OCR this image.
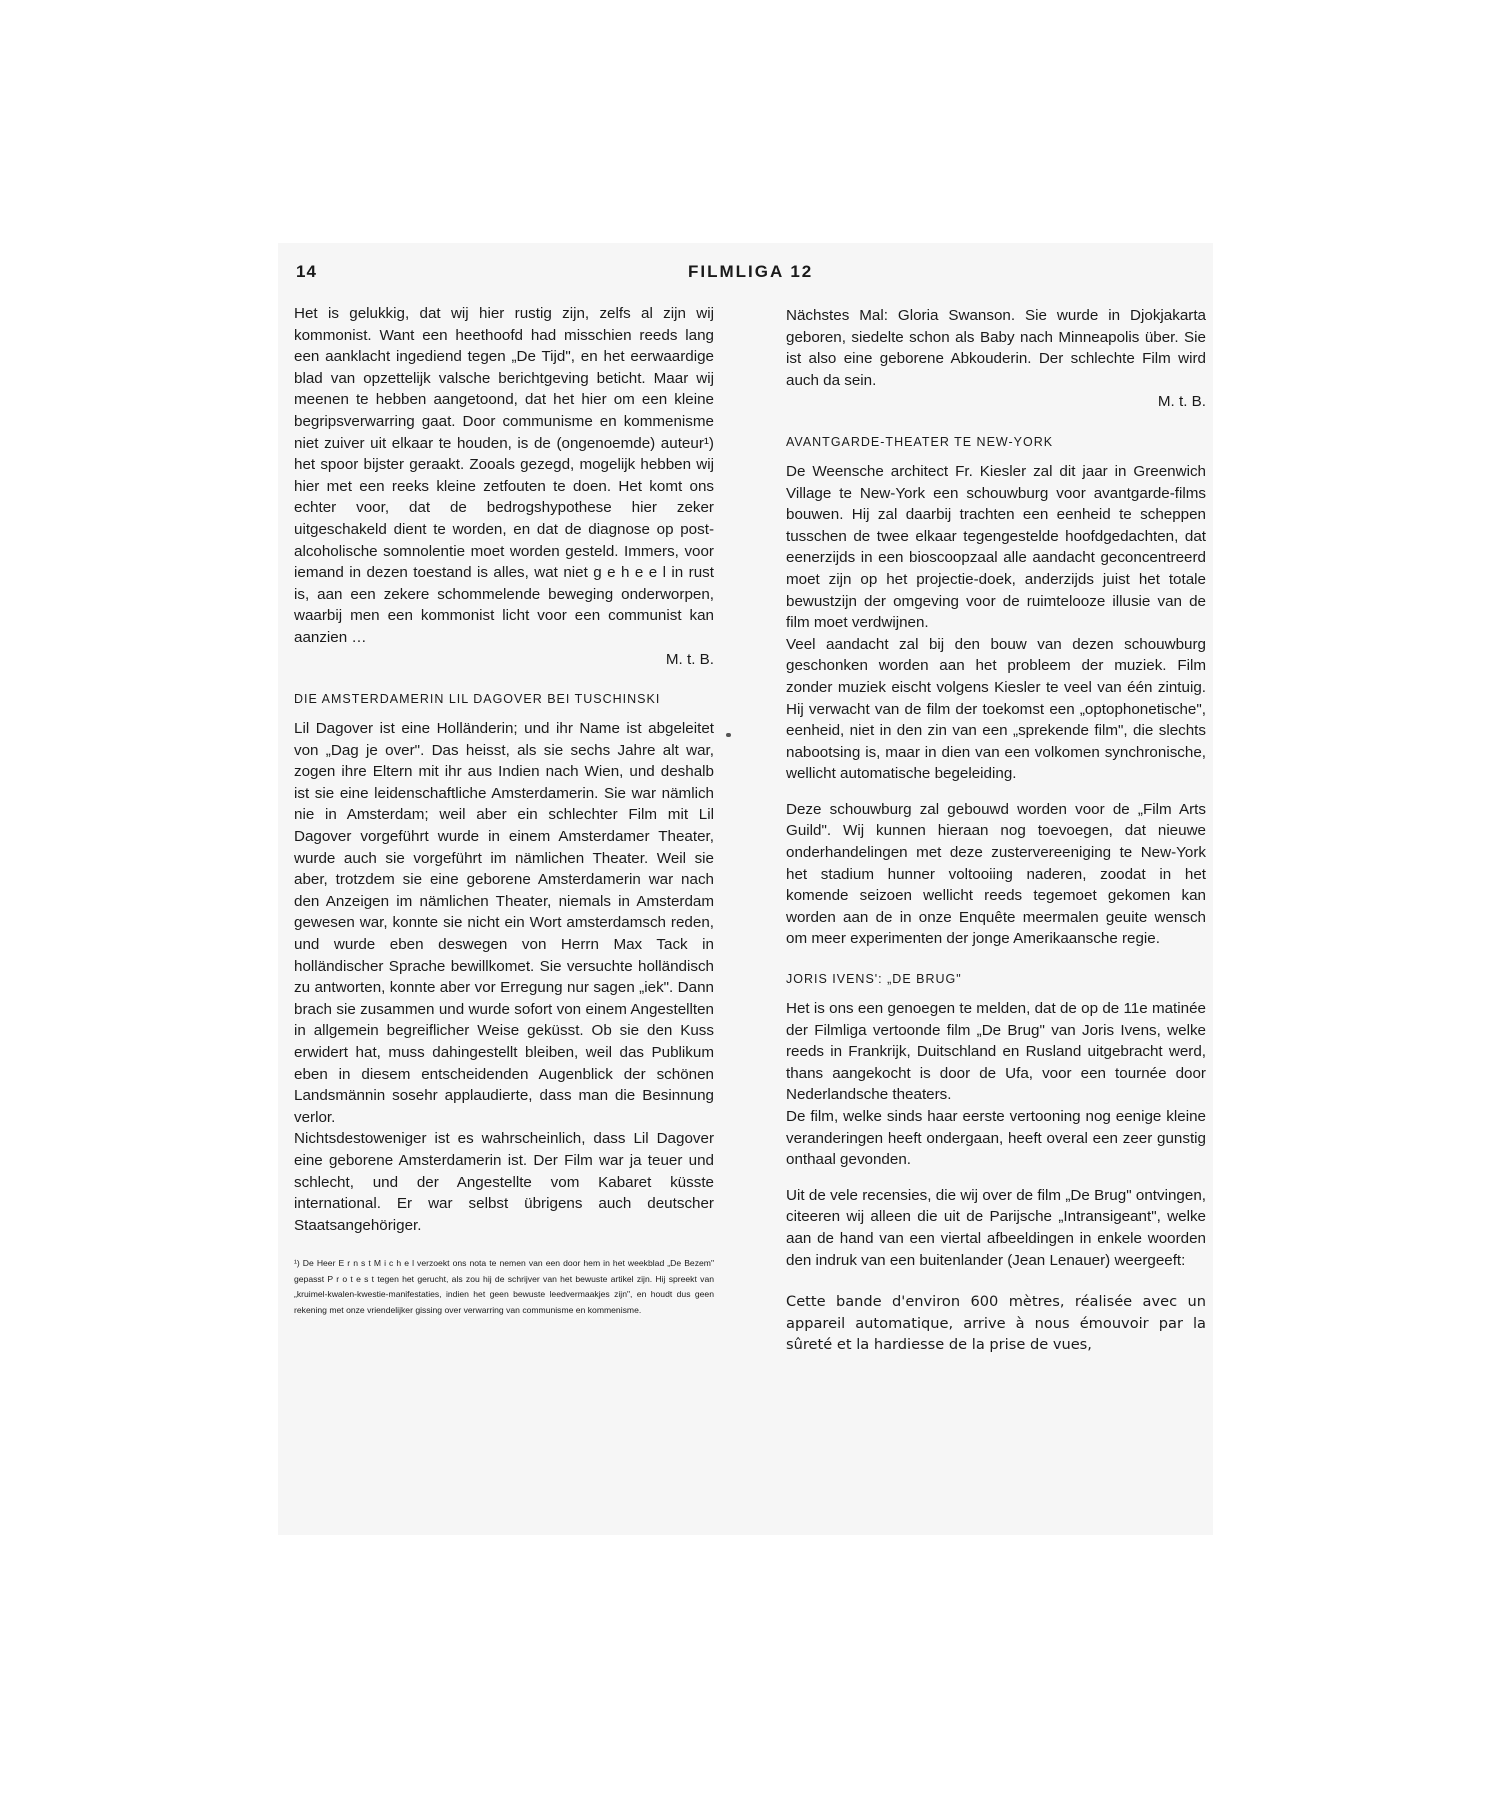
14	FILMLIGA 12

Het is gelukkig, dat wij hier rustig zijn, zelfs al zijn wij kommonist. Want een heethoofd had misschien reeds lang een aanklacht ingediend tegen „De Tijd", en het eerwaardige blad van opzettelijk valsche berichtgeving beticht. Maar wij meenen te hebben aangetoond, dat het hier om een kleine begripsverwarring gaat. Door communisme en kommenisme niet zuiver uit elkaar te houden, is de (ongenoemde) auteur¹) het spoor bijster geraakt. Zooals gezegd, mogelijk hebben wij hier met een reeks kleine zetfouten te doen. Het komt ons echter voor, dat de bedrogshypothese hier zeker uitgeschakeld dient te worden, en dat de diagnose op post-alcoholische somnolentie moet worden gesteld. Immers, voor iemand in dezen toestand is alles, wat niet g e h e e l in rust is, aan een zekere schommelende beweging onderworpen, waarbij men een kommonist licht voor een communist kan aanzien …

M. t. B.
DIE AMSTERDAMERIN LIL DAGOVER BEI TUSCHINSKI

Lil Dagover ist eine Holländerin; und ihr Name ist abgeleitet von „Dag je over". Das heisst, als sie sechs Jahre alt war, zogen ihre Eltern mit ihr aus Indien nach Wien, und deshalb ist sie eine leidenschaftliche Amsterdamerin. Sie war nämlich nie in Amsterdam; weil aber ein schlechter Film mit Lil Dagover vorgeführt wurde in einem Amsterdamer Theater, wurde auch sie vorgeführt im nämlichen Theater. Weil sie aber, trotzdem sie eine geborene Amsterdamerin war nach den Anzeigen im nämlichen Theater, niemals in Amsterdam gewesen war, konnte sie nicht ein Wort amsterdamsch reden, und wurde eben deswegen von Herrn Max Tack in holländischer Sprache bewillkomet. Sie versuchte holländisch zu antworten, konnte aber vor Erregung nur sagen „iek". Dann brach sie zusammen und wurde sofort von einem Angestellten in allgemein begreiflicher Weise geküsst. Ob sie den Kuss erwidert hat, muss dahingestellt bleiben, weil das Publikum eben in diesem entscheidenden Augenblick der schönen Landsmännin sosehr applaudierte, dass man die Besinnung verlor.

Nichtsdestoweniger ist es wahrscheinlich, dass Lil Dagover eine geborene Amsterdamerin ist. Der Film war ja teuer und schlecht, und der Angestellte vom Kabaret küsste international. Er war selbst übrigens auch deutscher Staatsangehöriger.

¹) De Heer E r n s t M i c h e l verzoekt ons nota te nemen van een door hem in het weekblad „De Bezem" gepasst P r o t e s t tegen het gerucht, als zou hij de schrijver van het bewuste artikel zijn. Hij spreekt van „kruimel-kwalen-kwestie-manifestaties, indien het geen bewuste leedvermaakjes zijn", en houdt dus geen rekening met onze vriendelijker gissing over verwarring van communisme en kommenisme.

Nächstes Mal: Gloria Swanson. Sie wurde in Djokjakarta geboren, siedelte schon als Baby nach Minneapolis über. Sie ist also eine geborene Abkouderin. Der schlechte Film wird auch da sein.

M. t. B.
AVANTGARDE-THEATER TE NEW-YORK

De Weensche architect Fr. Kiesler zal dit jaar in Greenwich Village te New-York een schouwburg voor avantgarde-films bouwen. Hij zal daarbij trachten een eenheid te scheppen tusschen de twee elkaar tegengestelde hoofdgedachten, dat eenerzijds in een bioscoopzaal alle aandacht geconcentreerd moet zijn op het projectie-doek, anderzijds juist het totale bewustzijn der omgeving voor de ruimtelooze illusie van de film moet verdwijnen.

Veel aandacht zal bij den bouw van dezen schouwburg geschonken worden aan het probleem der muziek. Film zonder muziek eischt volgens Kiesler te veel van één zintuig. Hij verwacht van de film der toekomst een „optophonetische", eenheid, niet in den zin van een „sprekende film", die slechts nabootsing is, maar in dien van een volkomen synchronische, wellicht automatische begeleiding.

Deze schouwburg zal gebouwd worden voor de „Film Arts Guild". Wij kunnen hieraan nog toevoegen, dat nieuwe onderhandelingen met deze zustervereeniging te New-York het stadium hunner voltooiing naderen, zoodat in het komende seizoen wellicht reeds tegemoet gekomen kan worden aan de in onze Enquête meermalen geuite wensch om meer experimenten der jonge Amerikaansche regie.

JORIS IVENS': „DE BRUG"

Het is ons een genoegen te melden, dat de op de 11e matinée der Filmliga vertoonde film „De Brug" van Joris Ivens, welke reeds in Frankrijk, Duitschland en Rusland uitgebracht werd, thans aangekocht is door de Ufa, voor een tournée door Nederlandsche theaters.

De film, welke sinds haar eerste vertooning nog eenige kleine veranderingen heeft ondergaan, heeft overal een zeer gunstig onthaal gevonden.

Uit de vele recensies, die wij over de film „De Brug" ontvingen, citeeren wij alleen die uit de Parijsche „Intransigeant", welke aan de hand van een viertal afbeeldingen in enkele woorden den indruk van een buitenlander (Jean Lenauer) weergeeft:

Cette bande d'environ 600 mètres, réalisée avec un appareil automatique, arrive à nous émouvoir par la sûreté et la hardiesse de la prise de vues,
